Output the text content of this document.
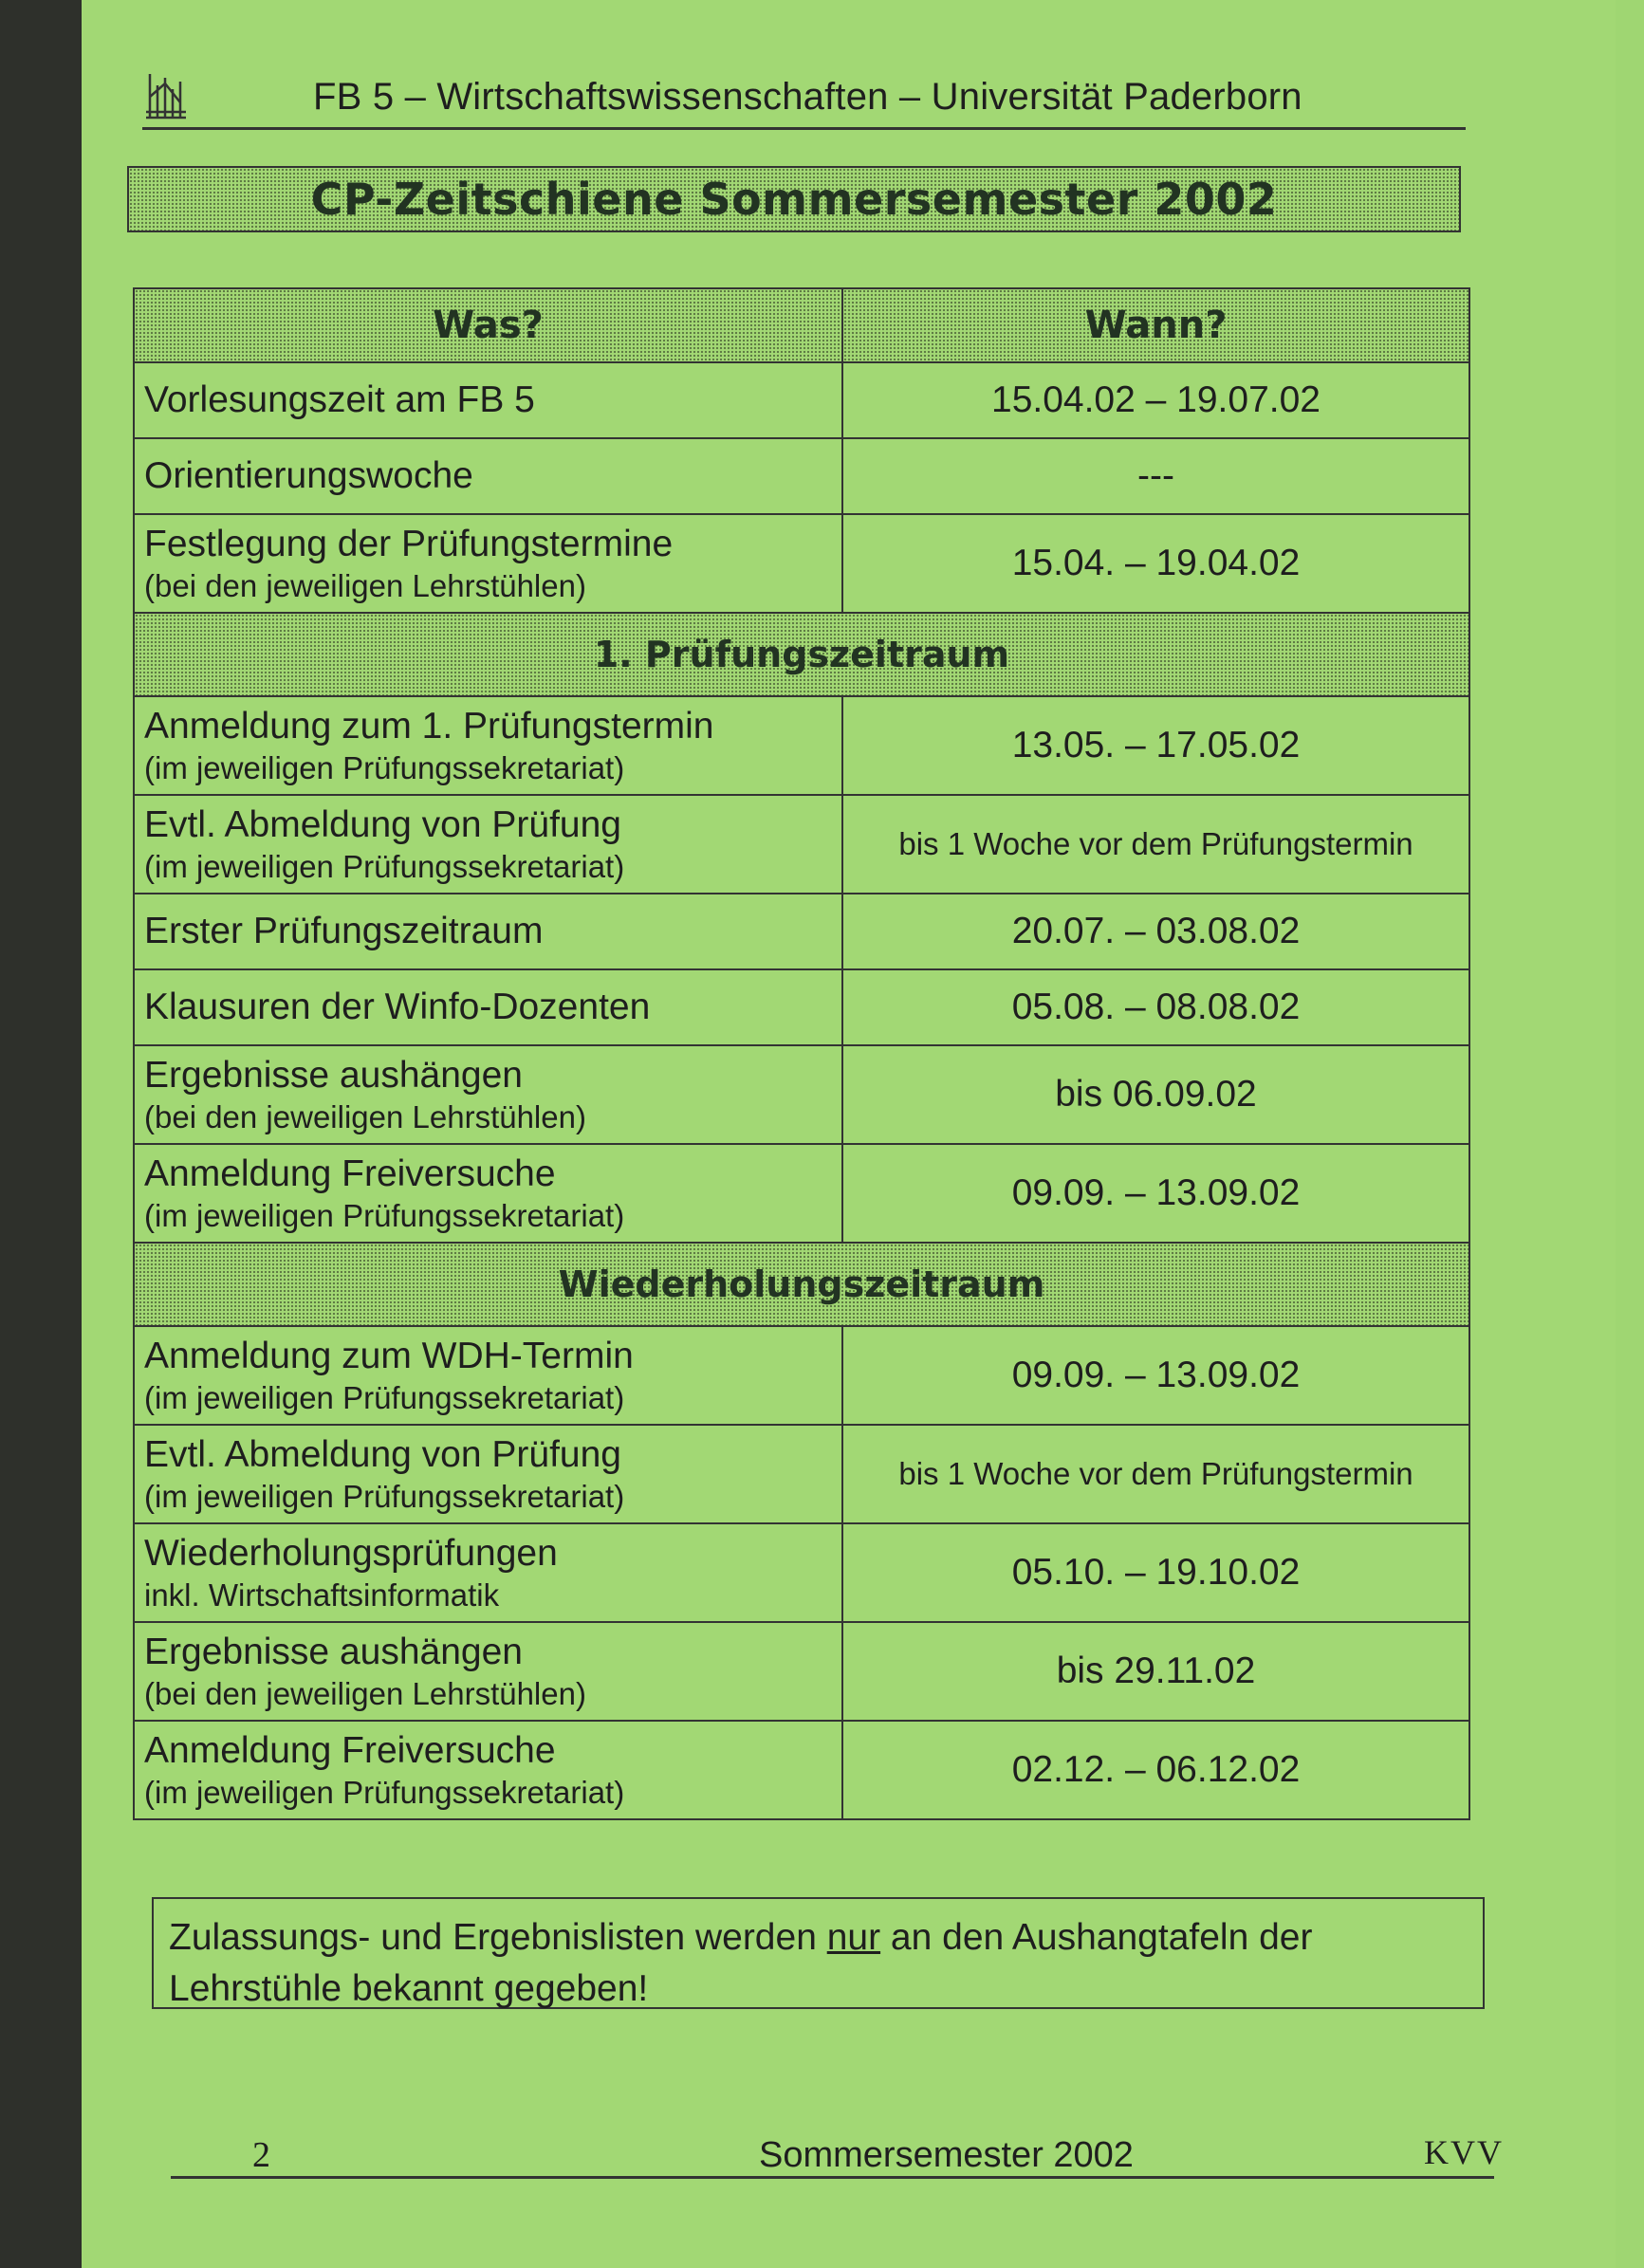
FB 5 – Wirtschaftswissenschaften – Universität Paderborn
CP-Zeitschiene Sommersemester 2002
Was?	Wann?

Vorlesungszeit am FB 5	15.04.02 – 19.07.02

Orientierungswoche	---

Festlegung der Prüfungstermine
(bei den jeweiligen Lehrstühlen)	15.04. – 19.04.02
1. Prüfungszeitraum	

Anmeldung zum 1. Prüfungstermin
(im jeweiligen Prüfungssekretariat)	13.05. – 17.05.02

Evtl. Abmeldung von Prüfung
(im jeweiligen Prüfungssekretariat)	bis 1 Woche vor dem Prüfungstermin

Erster Prüfungszeitraum	20.07. – 03.08.02

Klausuren der Winfo-Dozenten	05.08. – 08.08.02

Ergebnisse aushängen
(bei den jeweiligen Lehrstühlen)	bis 06.09.02

Anmeldung Freiversuche
(im jeweiligen Prüfungssekretariat)	09.09. – 13.09.02
Wiederholungszeitraum	

Anmeldung zum WDH-Termin
(im jeweiligen Prüfungssekretariat)	09.09. – 13.09.02

Evtl. Abmeldung von Prüfung
(im jeweiligen Prüfungssekretariat)	bis 1 Woche vor dem Prüfungstermin

Wiederholungsprüfungen
inkl. Wirtschaftsinformatik	05.10. – 19.10.02

Ergebnisse aushängen
(bei den jeweiligen Lehrstühlen)	bis 29.11.02

Anmeldung Freiversuche
(im jeweiligen Prüfungssekretariat)	02.12. – 06.12.02
Zulassungs- und Ergebnislisten werden nur an den Aushangtafeln der Lehrstühle bekannt gegeben!
2	Sommersemester 2002	KVV
